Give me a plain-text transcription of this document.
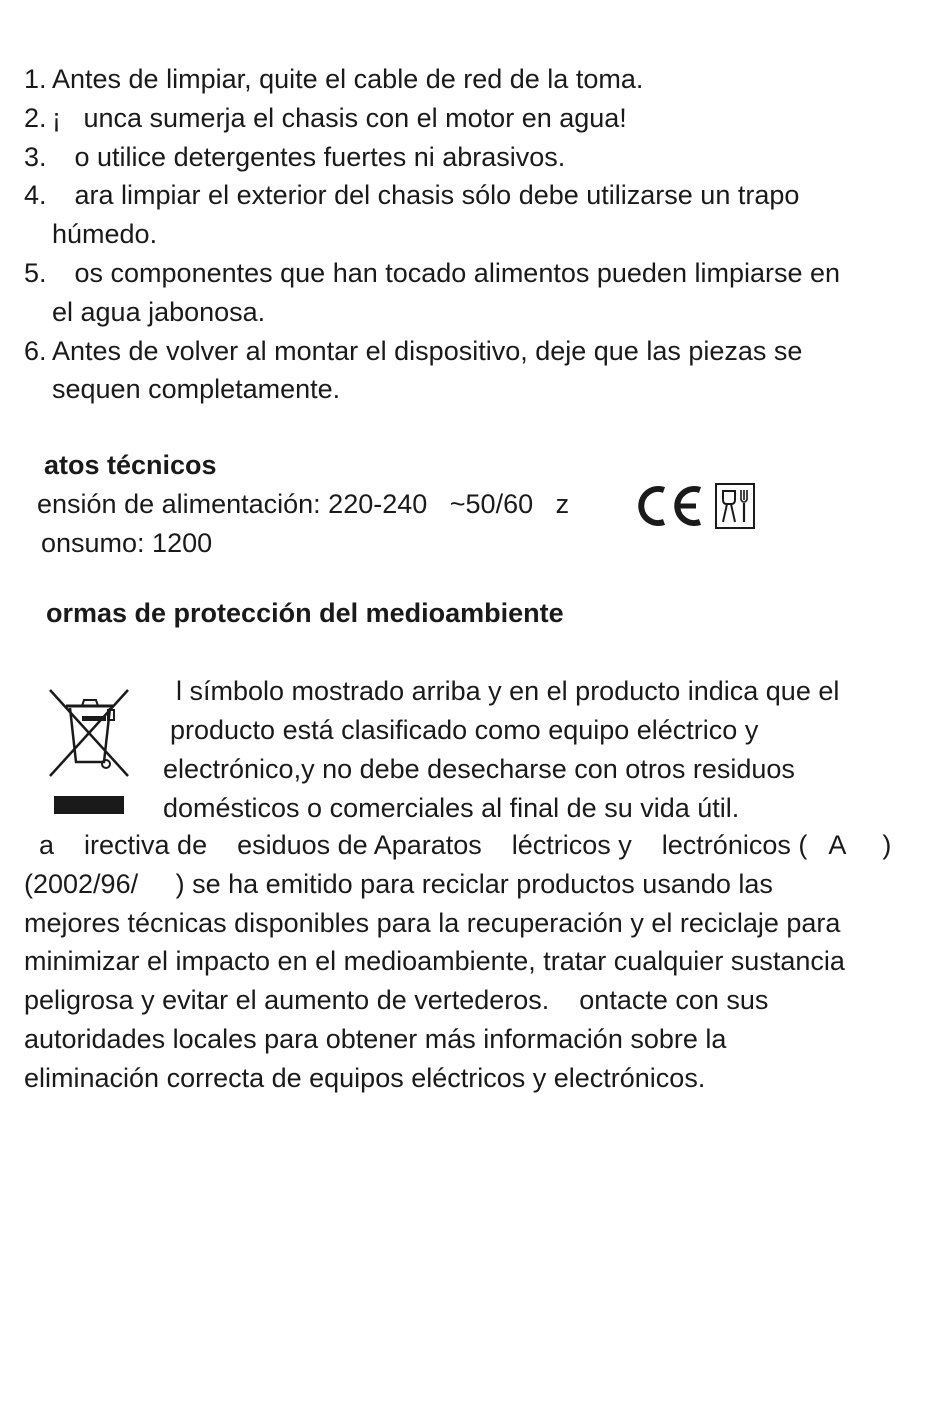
1. Antes de limpiar, quite el cable de red de la toma.
2. ¡   unca sumerja el chasis con el motor en agua!
3. o utilice detergentes fuertes ni abrasivos.
4.	ara limpiar el exterior del chasis sólo debe utilizarse un trapo
húmedo.
5.	os componentes que han tocado alimentos pueden limpiarse en
el agua jabonosa.
6. Antes de volver al montar el dispositivo, deje que las piezas se
sequen completamente.
atos técnicos
ensión de alimentación: 220-240   ~50/60   z
onsumo: 1200
ormas de protección del medioambiente
l símbolo mostrado arriba y en el producto indica que el
producto está clasificado como equipo eléctrico y
electrónico,y no debe desecharse con otros residuos
domésticos o comerciales al final de su vida útil.
a    irectiva de    esiduos de Aparatos    léctricos y    lectrónicos (   A     )
(2002/96/     ) se ha emitido para reciclar productos usando las
mejores técnicas disponibles para la recuperación y el reciclaje para
minimizar el impacto en el medioambiente, tratar cualquier sustancia
peligrosa y evitar el aumento de vertederos.    ontacte con sus
autoridades locales para obtener más información sobre la
eliminación correcta de equipos eléctricos y electrónicos.
